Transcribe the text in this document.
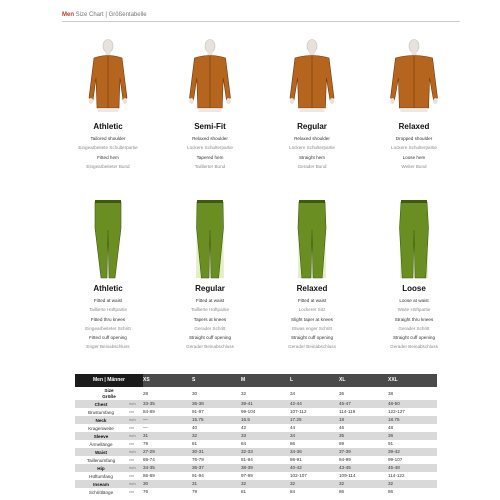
Men Size Chart | Größentabelle
Athletic
Tailored shoulder
Eingearbeitete Schulterpartie
Fitted hem
Eingearbeiteter Bund
Semi-Fit
Relaxed shoulder
Lockere Schulterpartie
Tapered hem
Taillierter Bund
Regular
Relaxed shoulder
Lockere Schulterpartie
Straight hem
Gerader Bund
Relaxed
Dropped shoulder
Lockere Schulterpartie
Loose hem
Weiter Bund
Athletic
Fitted at waist
Taillierte Hüftpartie
Fitted thru knees
Eingearbeiteter Schritt
Fitted cuff opening
Enger Beinabschluss
Regular
Fitted at waist
Taillierte Hüftpartie
Tapers at knees
Gerader Schritt
Straight cuff opening
Gerader Beinabschluss
Relaxed
Fitted at waist
Lockerer Sitz
Slight taper at knees
Etwas enger Schritt
Straight cuff opening
Gerader Beinabschluss
Loose
Loose at waist
Weite Hüftpartie
Straight thru knees
Gerader Schritt
Straight cuff opening
Gerader Beinabschluss
Men | Männer		XS	S	M	L	XL	XXL

Size
Größe		28	30	32	34	36	38
Chest	inch	33-35	36-38	39-41	42-44	45-47	48-50
Brustumfang	cm	84-89	91-97	99-104	107-112	114-119	122-127
Neck	inch	—	15.75	16.5	17.25	18	18.75
Kragenweite	cm	—	40	42	44	46	48
Sleeve	inch	31	32	33	34	35	36
Ärmellänge	cm	79	81	84	86	89	91
Waist	inch	27-29	30-31	32-33	34-36	37-39	39-42
Taillenumfang	cm	69-74	76-79	81-84	86-91	94-99	99-107
Hip	inch	34-35	36-37	38-39	40-42	43-45	45-48
Hüftumfang	cm	86-89	91-94	97-99	102-107	109-114	114-122
Inseam	inch	30	31	32	32	32	32
Schrittlänge	cm	76	79	81	84	86	86
